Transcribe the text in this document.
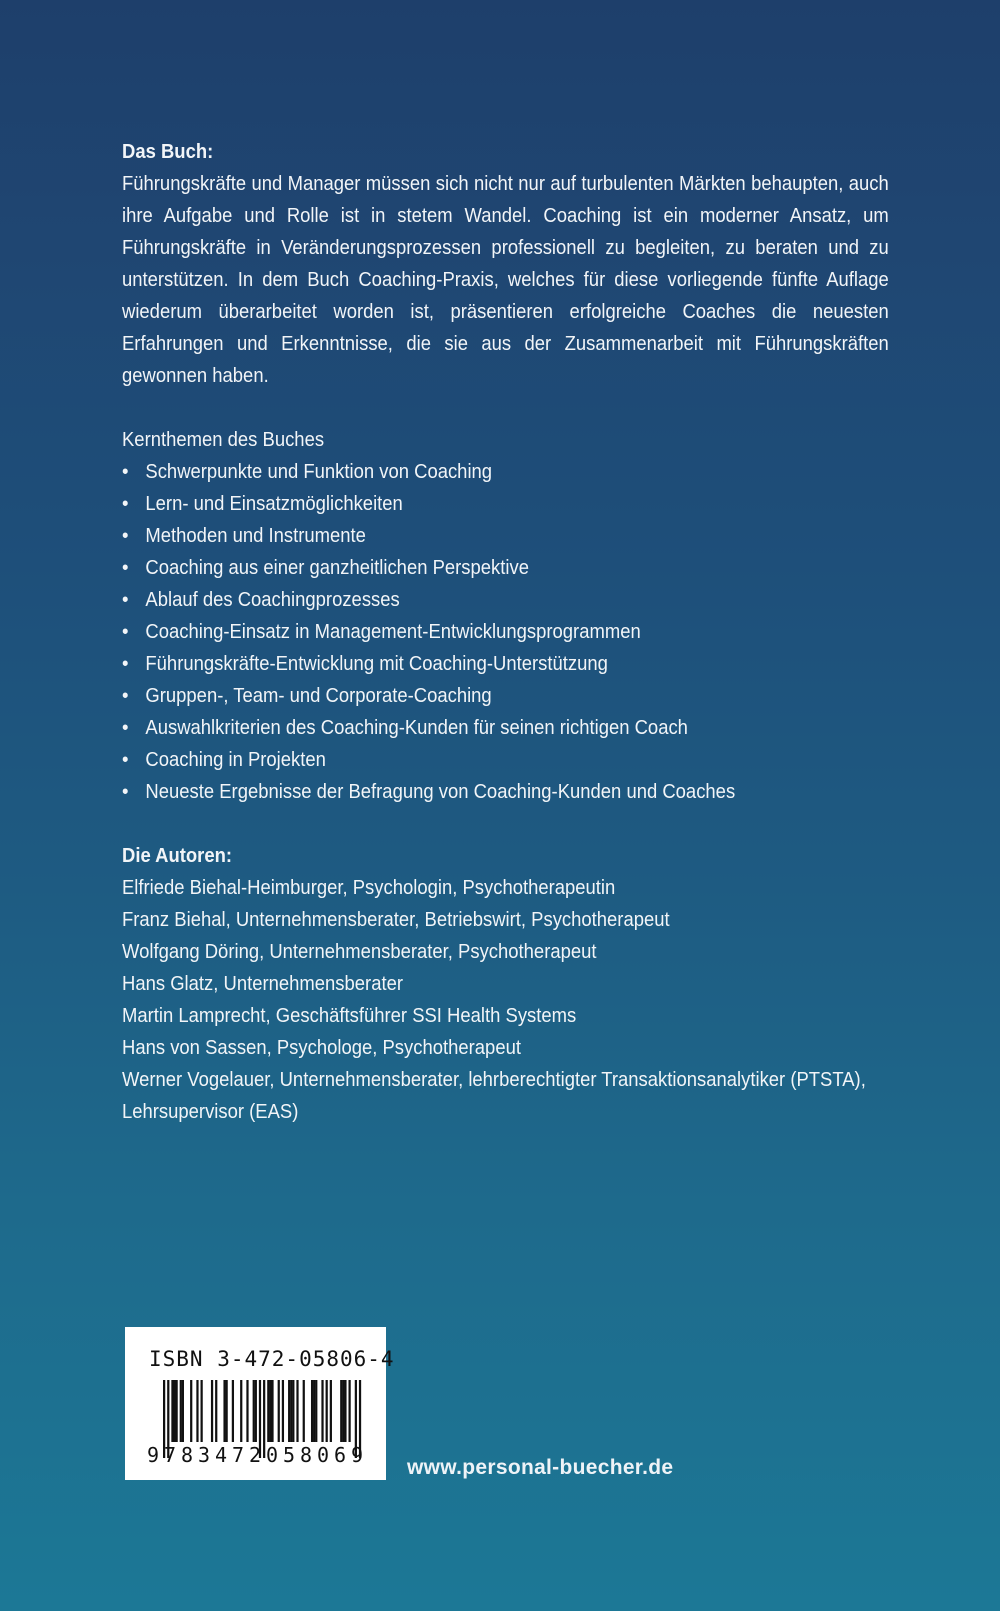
Das Buch:

Führungskräfte und Manager müssen sich nicht nur auf turbulenten Märkten behaupten, auch ihre Aufgabe und Rolle ist in stetem Wandel. Coaching ist ein moderner Ansatz, um Führungskräfte in Veränderungsprozessen professionell zu begleiten, zu beraten und zu unterstützen. In dem Buch Coaching-Praxis, welches für diese vorliegende fünfte Auflage wiederum überarbeitet worden ist, präsentieren erfolgreiche Coaches die neuesten Erfahrungen und Erkenntnisse, die sie aus der Zusammenarbeit mit Führungskräften gewonnen haben.

Kernthemen des Buches

• Schwerpunkte und Funktion von Coaching
• Lern- und Einsatzmöglichkeiten
• Methoden und Instrumente
• Coaching aus einer ganzheitlichen Perspektive
• Ablauf des Coachingprozesses
• Coaching-Einsatz in Management-Entwicklungsprogrammen
• Führungskräfte-Entwicklung mit Coaching-Unterstützung
• Gruppen-, Team- und Corporate-Coaching
• Auswahlkriterien des Coaching-Kunden für seinen richtigen Coach
• Coaching in Projekten
• Neueste Ergebnisse der Befragung von Coaching-Kunden und Coaches

Die Autoren:

Elfriede Biehal-Heimburger, Psychologin, Psychotherapeutin

Franz Biehal, Unternehmensberater, Betriebswirt, Psychotherapeut

Wolfgang Döring, Unternehmensberater, Psychotherapeut

Hans Glatz, Unternehmensberater

Martin Lamprecht, Geschäftsführer SSI Health Systems

Hans von Sassen, Psychologe, Psychotherapeut

Werner Vogelauer, Unternehmensberater, lehrberechtigter Transaktionsanalytiker (PTSTA),

Lehrsupervisor (EAS)

ISBN 3-472-05806-4
9783472058069
www.personal-buecher.de
